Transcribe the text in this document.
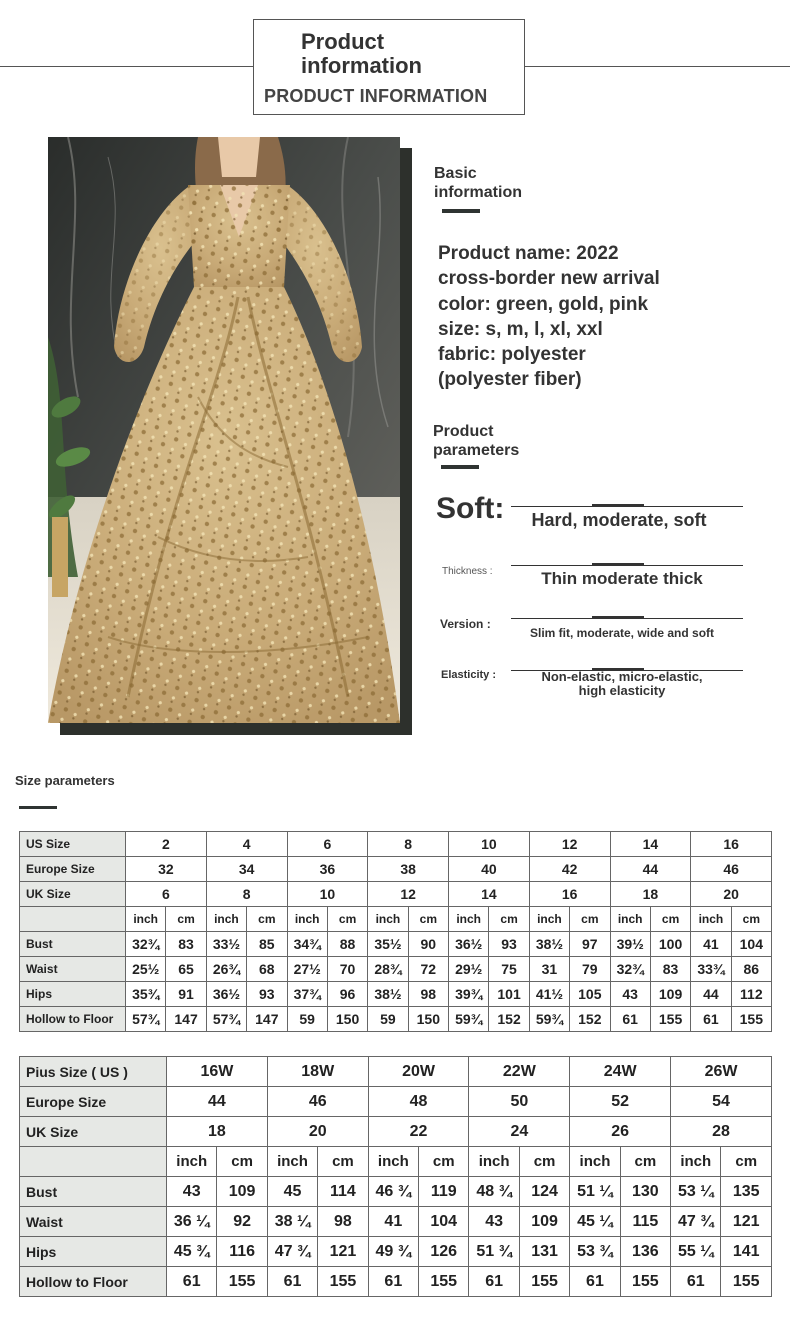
Product
information
PRODUCT INFORMATION
Basic
information
Product name: 2022
cross-border new arrival
color: green, gold, pink
size: s, m, l, xl, xxl
fabric: polyester
(polyester fiber)
Product
parameters
Soft:	Hard, moderate, soft
Thickness :	Thin moderate thick
Version :
Slim fit, moderate, wide and soft
Elasticity :	Non-elastic, micro-elastic,
high elasticity
Size parameters
US Size	2		4		6		8		10		12		14		16	
Europe Size	32		34		36		38		40		42		44		46	
UK Size	6		8		10		12		14		16		18		20	
	inch	cm	inch	cm	inch	cm	inch	cm	inch	cm	inch	cm	inch	cm	inch	cm
Bust	32¾	83	33½	85	34¾	88	35½	90	36½	93	38½	97	39½	100	41	104
Waist	25½	65	26¾	68	27½	70	28¾	72	29½	75	31	79	32¾	83	33¾	86
Hips	35¾	91	36½	93	37¾	96	38½	98	39¾	101	41½	105	43	109	44	112
Hollow to Floor	57¾	147	57¾	147	59	150	59	150	59¾	152	59¾	152	61	155	61	155
Pius Size ( US )	16W		18W		20W		22W		24W		26W	
Europe Size	44		46		48		50		52		54	
UK Size	18		20		22		24		26		28	
	inch	cm	inch	cm	inch	cm	inch	cm	inch	cm	inch	cm
Bust	43	109	45	114	46 ¾	119	48 ¾	124	51 ¼	130	53 ¼	135
Waist	36 ¼	92	38 ¼	98	41	104	43	109	45 ¼	115	47 ¾	121
Hips	45 ¾	116	47 ¾	121	49 ¾	126	51 ¾	131	53 ¾	136	55 ¼	141
Hollow to Floor	61	155	61	155	61	155	61	155	61	155	61	155
